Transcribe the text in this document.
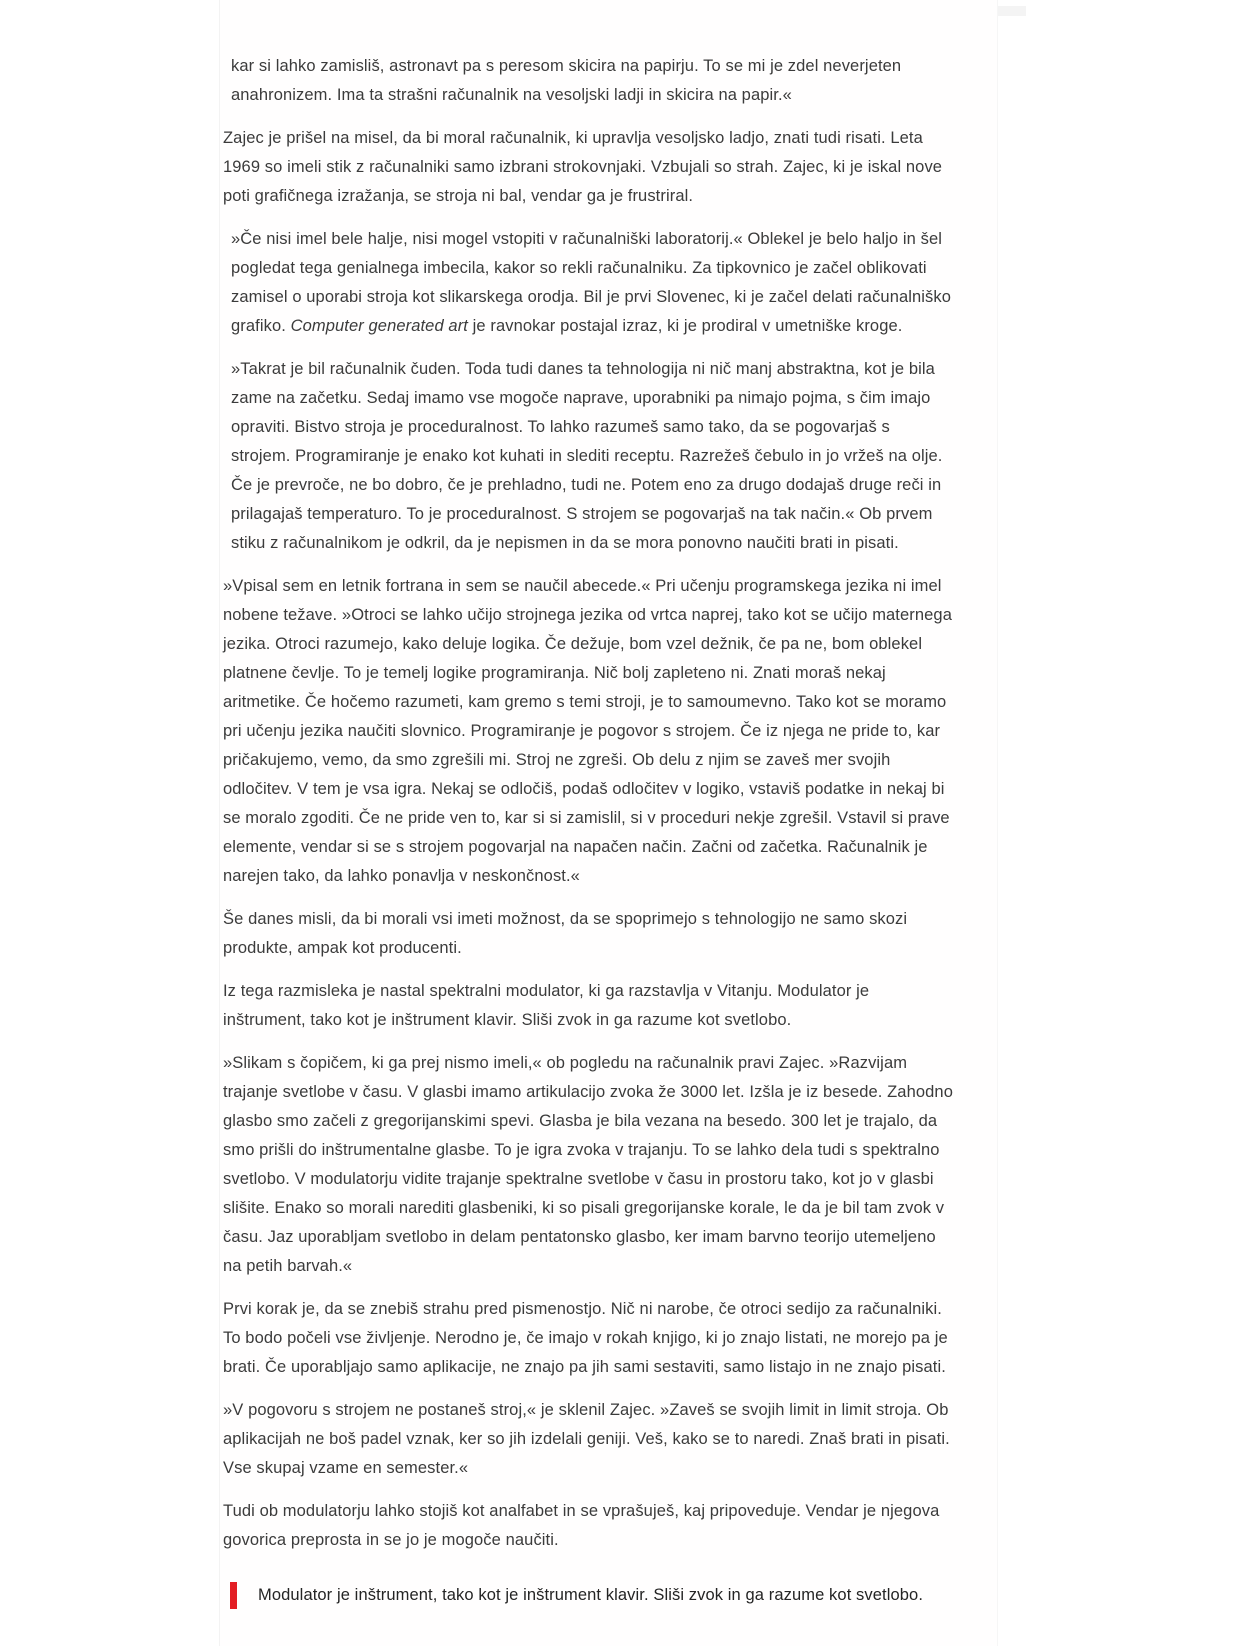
kar si lahko zamisliš, astronavt pa s peresom skicira na papirju. To se mi je zdel neverjeten anahronizem. Ima ta strašni računalnik na vesoljski ladji in skicira na papir.«

Zajec je prišel na misel, da bi moral računalnik, ki upravlja vesoljsko ladjo, znati tudi risati. Leta 1969 so imeli stik z računalniki samo izbrani strokovnjaki. Vzbujali so strah. Zajec, ki je iskal nove poti grafičnega izražanja, se stroja ni bal, vendar ga je frustriral.

»Če nisi imel bele halje, nisi mogel vstopiti v računalniški laboratorij.« Oblekel je belo haljo in šel pogledat tega genialnega imbecila, kakor so rekli računalniku. Za tipkovnico je začel oblikovati zamisel o uporabi stroja kot slikarskega orodja. Bil je prvi Slovenec, ki je začel delati računalniško grafiko. Computer generated art je ravnokar postajal izraz, ki je prodiral v umetniške kroge.

»Takrat je bil računalnik čuden. Toda tudi danes ta tehnologija ni nič manj abstraktna, kot je bila zame na začetku. Sedaj imamo vse mogoče naprave, uporabniki pa nimajo pojma, s čim imajo opraviti. Bistvo stroja je proceduralnost. To lahko razumeš samo tako, da se pogovarjaš s strojem. Programiranje je enako kot kuhati in slediti receptu. Razrežeš čebulo in jo vržeš na olje. Če je prevroče, ne bo dobro, če je prehladno, tudi ne. Potem eno za drugo dodajaš druge reči in prilagajaš temperaturo. To je proceduralnost. S strojem se pogovarjaš na tak način.« Ob prvem stiku z računalnikom je odkril, da je nepismen in da se mora ponovno naučiti brati in pisati.

»Vpisal sem en letnik fortrana in sem se naučil abecede.« Pri učenju programskega jezika ni imel nobene težave. »Otroci se lahko učijo strojnega jezika od vrtca naprej, tako kot se učijo maternega jezika. Otroci razumejo, kako deluje logika. Če dežuje, bom vzel dežnik, če pa ne, bom oblekel platnene čevlje. To je temelj logike programiranja. Nič bolj zapleteno ni. Znati moraš nekaj aritmetike. Če hočemo razumeti, kam gremo s temi stroji, je to samoumevno. Tako kot se moramo pri učenju jezika naučiti slovnico. Programiranje je pogovor s strojem. Če iz njega ne pride to, kar pričakujemo, vemo, da smo zgrešili mi. Stroj ne zgreši. Ob delu z njim se zaveš mer svojih odločitev. V tem je vsa igra. Nekaj se odločiš, podaš odločitev v logiko, vstaviš podatke in nekaj bi se moralo zgoditi. Če ne pride ven to, kar si si zamislil, si v proceduri nekje zgrešil. Vstavil si prave elemente, vendar si se s strojem pogovarjal na napačen način. Začni od začetka. Računalnik je narejen tako, da lahko ponavlja v neskončnost.«

Še danes misli, da bi morali vsi imeti možnost, da se spoprimejo s tehnologijo ne samo skozi produkte, ampak kot producenti.

Iz tega razmisleka je nastal spektralni modulator, ki ga razstavlja v Vitanju. Modulator je inštrument, tako kot je inštrument klavir. Sliši zvok in ga razume kot svetlobo.

»Slikam s čopičem, ki ga prej nismo imeli,« ob pogledu na računalnik pravi Zajec. »Razvijam trajanje svetlobe v času. V glasbi imamo artikulacijo zvoka že 3000 let. Izšla je iz besede. Zahodno glasbo smo začeli z gregorijanskimi spevi. Glasba je bila vezana na besedo. 300 let je trajalo, da smo prišli do inštrumentalne glasbe. To je igra zvoka v trajanju. To se lahko dela tudi s spektralno svetlobo. V modulatorju vidite trajanje spektralne svetlobe v času in prostoru tako, kot jo v glasbi slišite. Enako so morali narediti glasbeniki, ki so pisali gregorijanske korale, le da je bil tam zvok v času. Jaz uporabljam svetlobo in delam pentatonsko glasbo, ker imam barvno teorijo utemeljeno na petih barvah.«

Prvi korak je, da se znebiš strahu pred pismenostjo. Nič ni narobe, če otroci sedijo za računalniki. To bodo počeli vse življenje. Nerodno je, če imajo v rokah knjigo, ki jo znajo listati, ne morejo pa je brati. Če uporabljajo samo aplikacije, ne znajo pa jih sami sestaviti, samo listajo in ne znajo pisati.

»V pogovoru s strojem ne postaneš stroj,« je sklenil Zajec. »Zaveš se svojih limit in limit stroja. Ob aplikacijah ne boš padel vznak, ker so jih izdelali geniji. Veš, kako se to naredi. Znaš brati in pisati. Vse skupaj vzame en semester.«

Tudi ob modulatorju lahko stojiš kot analfabet in se vprašuješ, kaj pripoveduje. Vendar je njegova govorica preprosta in se jo je mogoče naučiti.

Modulator je inštrument, tako kot je inštrument klavir. Sliši zvok in ga razume kot svetlobo.
